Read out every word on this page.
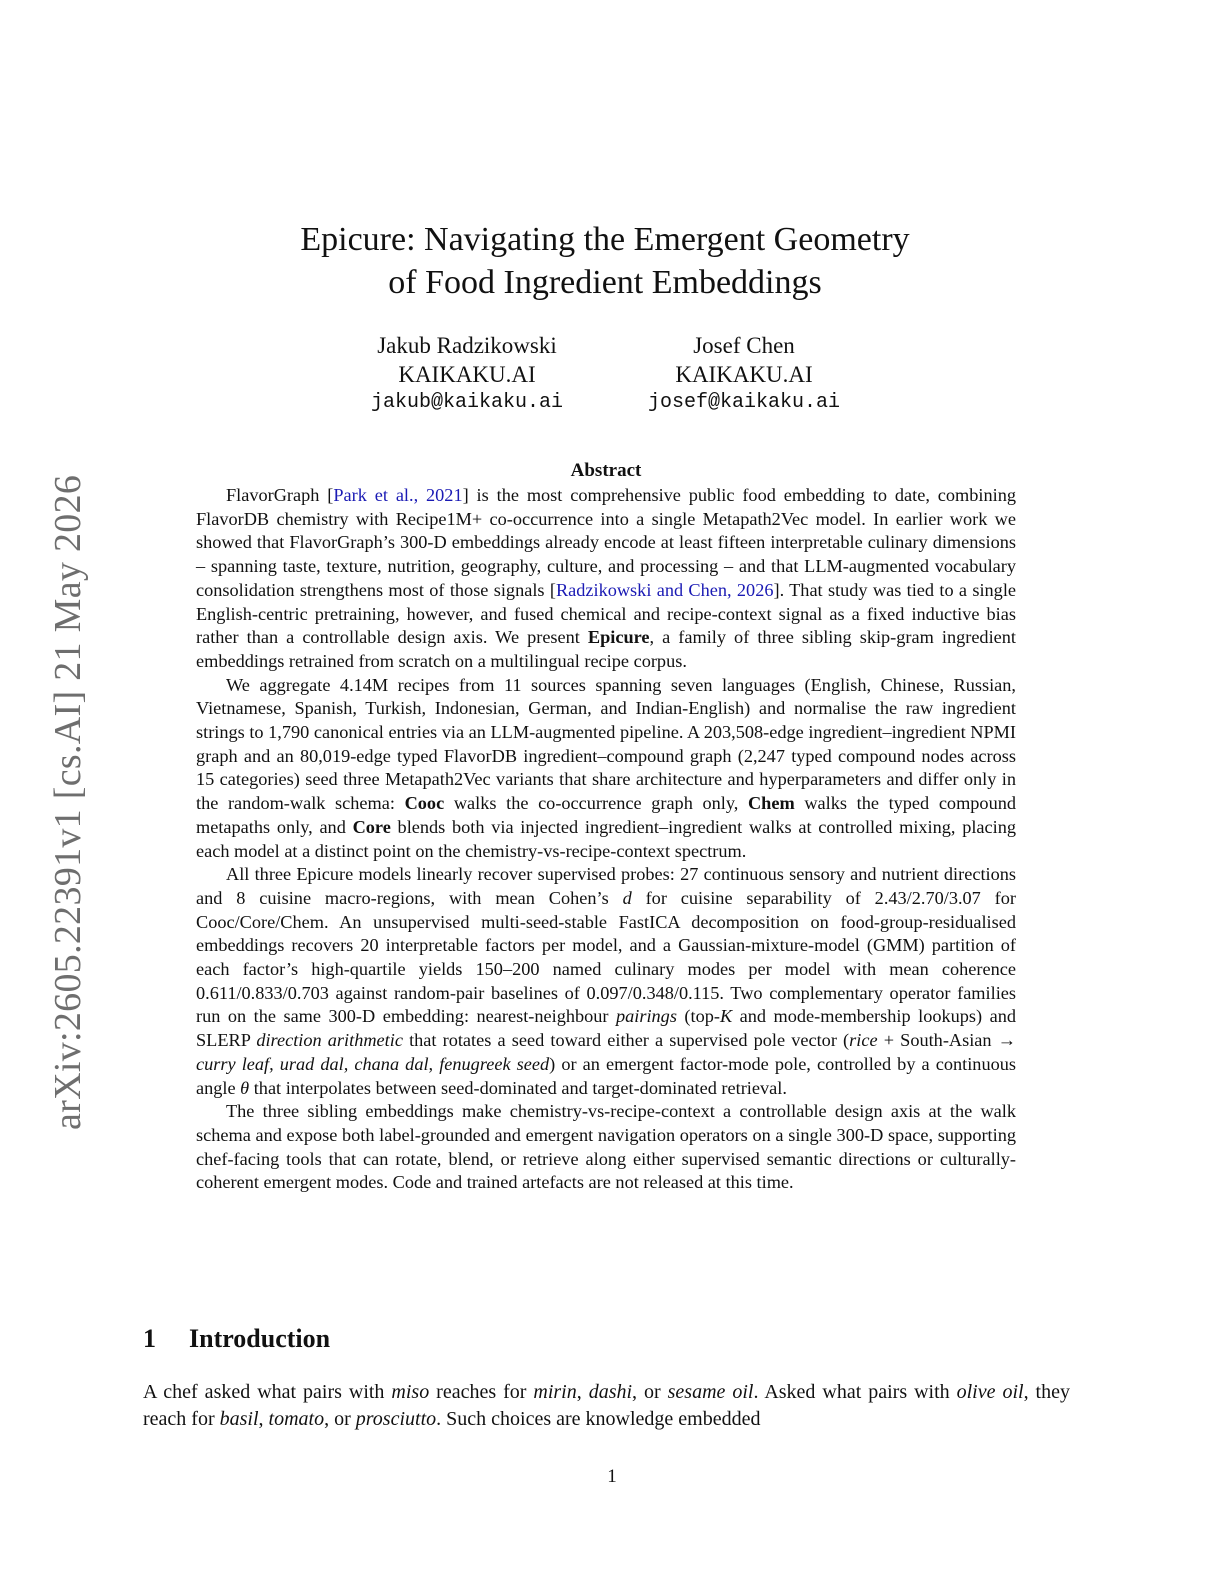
arXiv:2605.22391v1 [cs.AI] 21 May 2026
Epicure: Navigating the Emergent Geometry
of Food Ingredient Embeddings
Jakub Radzikowski
KAIKAKU.AI
jakub@kaikaku.ai
Josef Chen
KAIKAKU.AI
josef@kaikaku.ai
Abstract

FlavorGraph [Park et al., 2021] is the most comprehensive public food embedding to date, combining FlavorDB chemistry with Recipe1M+ co-occurrence into a single Metapath2Vec model. In earlier work we showed that FlavorGraph’s 300-D embeddings already encode at least fifteen interpretable culinary dimensions – spanning taste, texture, nutrition, geography, culture, and processing – and that LLM-augmented vocabulary consolidation strengthens most of those signals [Radzikowski and Chen, 2026]. That study was tied to a single English-centric pretraining, however, and fused chemical and recipe-context signal as a fixed inductive bias rather than a controllable design axis. We present Epicure, a family of three sibling skip-gram ingredient embeddings retrained from scratch on a multilingual recipe corpus.

We aggregate 4.14M recipes from 11 sources spanning seven languages (English, Chinese, Russian, Vietnamese, Spanish, Turkish, Indonesian, German, and Indian-English) and normalise the raw ingredient strings to 1,790 canonical entries via an LLM-augmented pipeline. A 203,508-edge ingredient–ingredient NPMI graph and an 80,019-edge typed FlavorDB ingredient–compound graph (2,247 typed compound nodes across 15 categories) seed three Metapath2Vec variants that share architecture and hyperparameters and differ only in the random-walk schema: Cooc walks the co-occurrence graph only, Chem walks the typed compound metapaths only, and Core blends both via injected ingredient–ingredient walks at controlled mixing, placing each model at a distinct point on the chemistry-vs-recipe-context spectrum.

All three Epicure models linearly recover supervised probes: 27 continuous sensory and nutrient directions and 8 cuisine macro-regions, with mean Cohen’s d for cuisine separability of 2.43/2.70/3.07 for Cooc/Core/Chem. An unsupervised multi-seed-stable FastICA decomposition on food-group-residualised embeddings recovers 20 interpretable factors per model, and a Gaussian-mixture-model (GMM) partition of each factor’s high-quartile yields 150–200 named culinary modes per model with mean coherence 0.611/0.833/0.703 against random-pair baselines of 0.097/0.348/0.115. Two complementary operator families run on the same 300-D embedding: nearest-neighbour pairings (top-K and mode-membership lookups) and SLERP direction arithmetic that rotates a seed toward either a supervised pole vector (rice + South-Asian → curry leaf, urad dal, chana dal, fenugreek seed) or an emergent factor-mode pole, controlled by a continuous angle θ that interpolates between seed-dominated and target-dominated retrieval.

The three sibling embeddings make chemistry-vs-recipe-context a controllable design axis at the walk schema and expose both label-grounded and emergent navigation operators on a single 300-D space, supporting chef-facing tools that can rotate, blend, or retrieve along either supervised semantic directions or culturally-coherent emergent modes. Code and trained artefacts are not released at this time.

1 Introduction

A chef asked what pairs with miso reaches for mirin, dashi, or sesame oil. Asked what pairs with olive oil, they reach for basil, tomato, or prosciutto. Such choices are knowledge embedded

1
